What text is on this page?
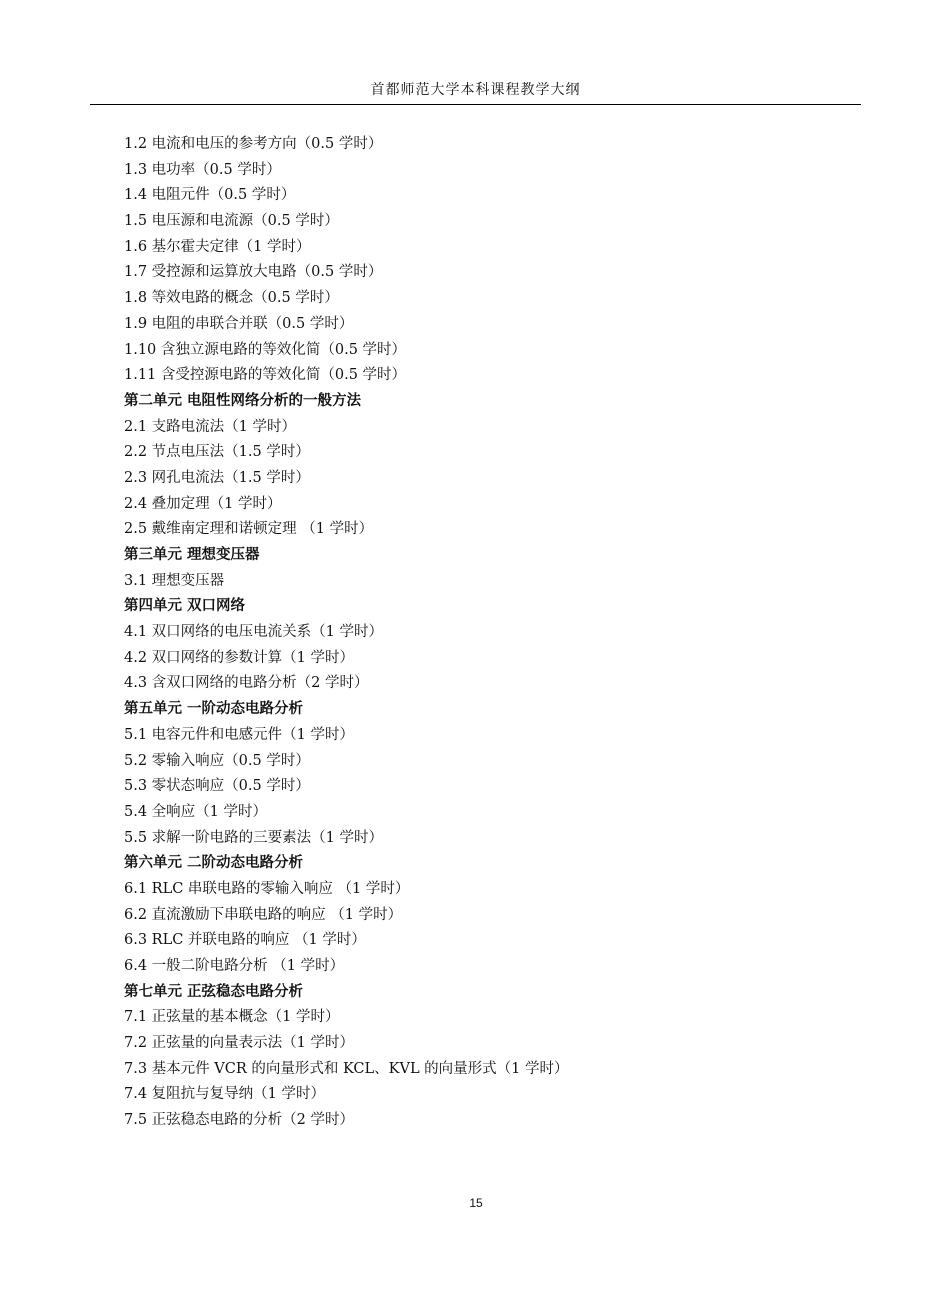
首都师范大学本科课程教学大纲
1.2 电流和电压的参考方向（0.5 学时）
1.3 电功率（0.5 学时）
1.4 电阻元件（0.5 学时）
1.5 电压源和电流源（0.5 学时）
1.6 基尔霍夫定律（1 学时）
1.7 受控源和运算放大电路（0.5 学时）
1.8 等效电路的概念（0.5 学时）
1.9 电阻的串联合并联（0.5 学时）
1.10 含独立源电路的等效化简（0.5 学时）
1.11 含受控源电路的等效化简（0.5 学时）
第二单元 电阻性网络分析的一般方法
2.1 支路电流法（1 学时）
2.2 节点电压法（1.5 学时）
2.3 网孔电流法（1.5 学时）
2.4 叠加定理（1 学时）
2.5 戴维南定理和诺顿定理 （1 学时）
第三单元 理想变压器
3.1 理想变压器
第四单元 双口网络
4.1 双口网络的电压电流关系（1 学时）
4.2 双口网络的参数计算（1 学时）
4.3 含双口网络的电路分析（2 学时）
第五单元 一阶动态电路分析
5.1 电容元件和电感元件（1 学时）
5.2 零输入响应（0.5 学时）
5.3 零状态响应（0.5 学时）
5.4 全响应（1 学时）
5.5 求解一阶电路的三要素法（1 学时）
第六单元 二阶动态电路分析
6.1 RLC 串联电路的零输入响应 （1 学时）
6.2 直流激励下串联电路的响应 （1 学时）
6.3 RLC 并联电路的响应 （1 学时）
6.4 一般二阶电路分析 （1 学时）
第七单元 正弦稳态电路分析
7.1 正弦量的基本概念（1 学时）
7.2 正弦量的向量表示法（1 学时）
7.3 基本元件 VCR 的向量形式和 KCL、KVL 的向量形式（1 学时）
7.4 复阻抗与复导纳（1 学时）
7.5 正弦稳态电路的分析（2 学时）
15
